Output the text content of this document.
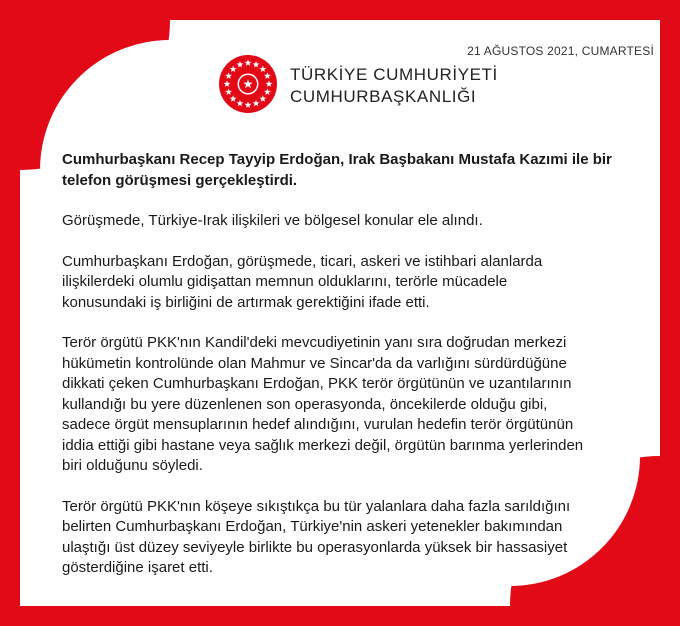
21 AĞUSTOS 2021, CUMARTESİ
TÜRKİYE CUMHURİYETİ
CUMHURBAŞKANLIĞI
Cumhurbaşkanı Recep Tayyip Erdoğan, Irak Başbakanı Mustafa Kazımi ile bir
telefon görüşmesi gerçekleştirdi.
Görüşmede, Türkiye-Irak ilişkileri ve bölgesel konular ele alındı.
Cumhurbaşkanı Erdoğan, görüşmede, ticari, askeri ve istihbari alanlarda
ilişkilerdeki olumlu gidişattan memnun olduklarını, terörle mücadele
konusundaki iş birliğini de artırmak gerektiğini ifade etti.
Terör örgütü PKK'nın Kandil'deki mevcudiyetinin yanı sıra doğrudan merkezi
hükümetin kontrolünde olan Mahmur ve Sincar'da da varlığını sürdürdüğüne
dikkati çeken Cumhurbaşkanı Erdoğan, PKK terör örgütünün ve uzantılarının
kullandığı bu yere düzenlenen son operasyonda, öncekilerde olduğu gibi,
sadece örgüt mensuplarının hedef alındığını, vurulan hedefin terör örgütünün
iddia ettiği gibi hastane veya sağlık merkezi değil, örgütün barınma yerlerinden
biri olduğunu söyledi.
Terör örgütü PKK'nın köşeye sıkıştıkça bu tür yalanlara daha fazla sarıldığını
belirten Cumhurbaşkanı Erdoğan, Türkiye'nin askeri yetenekler bakımından
ulaştığı üst düzey seviyeyle birlikte bu operasyonlarda yüksek bir hassasiyet
gösterdiğine işaret etti.
